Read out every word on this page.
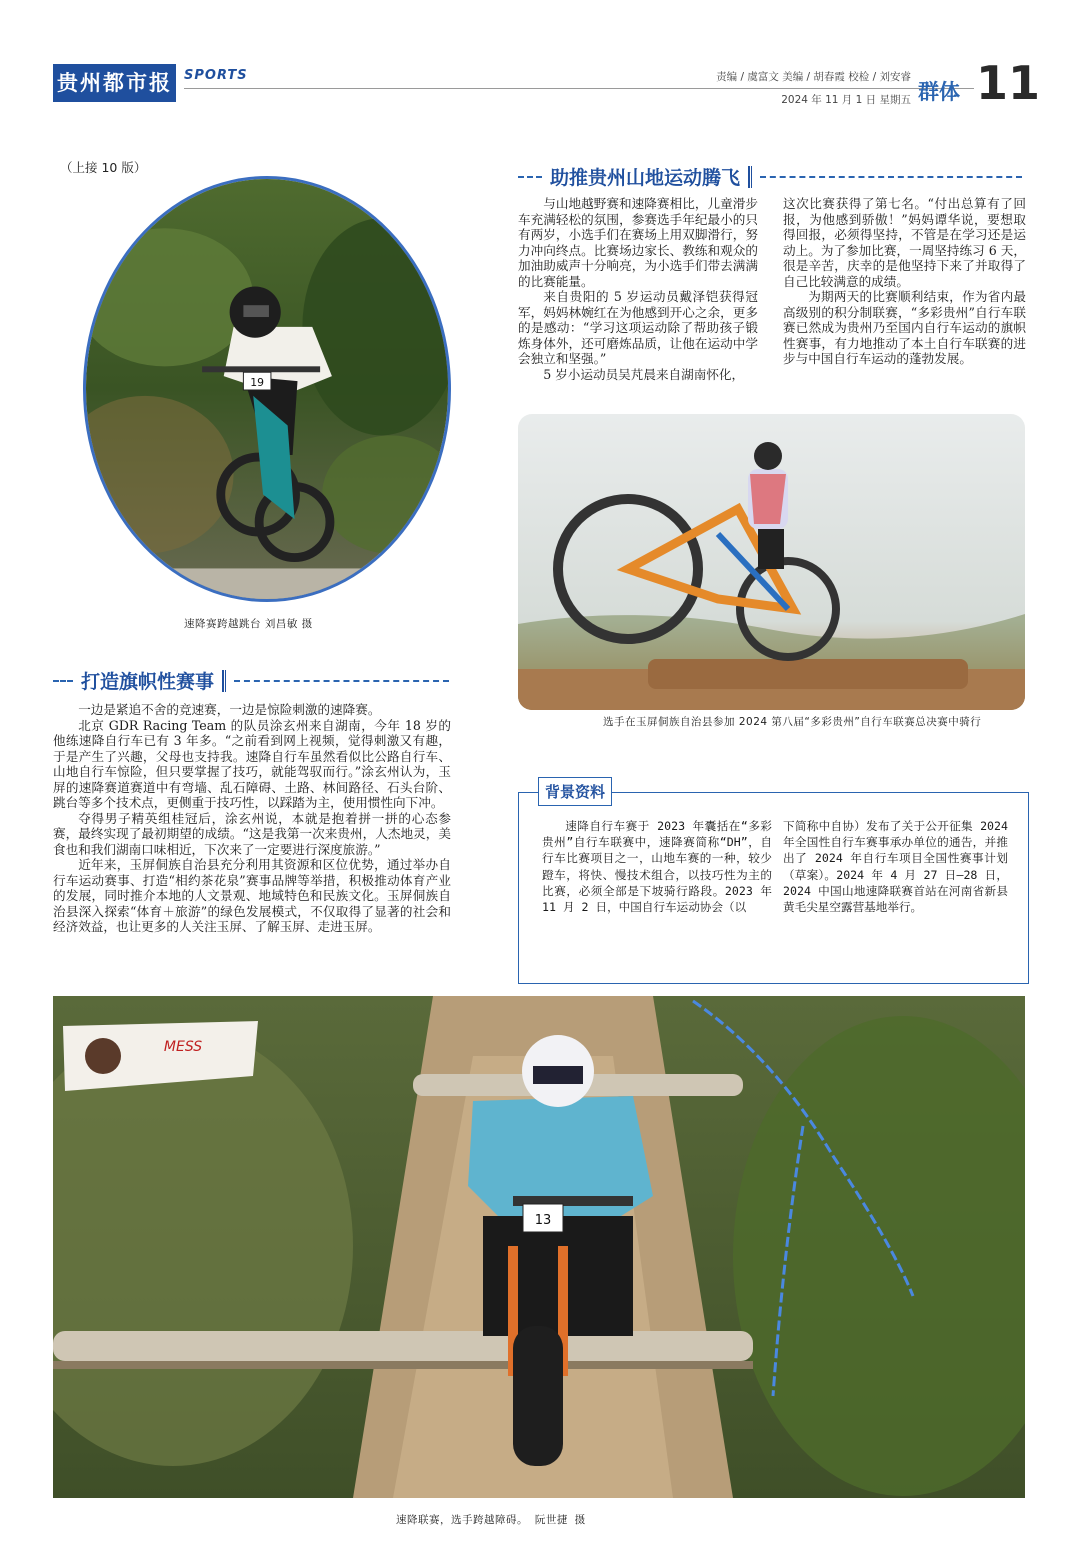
贵州都市报 SPORTS	责编 / 虞富文 美编 / 胡春霞 校检 / 刘安睿
2024 年 11 月 1 日 星期五 群体 11
（上接 10 版）
19
速降赛跨越跳台 刘昌敏 摄
助推贵州山地运动腾飞

与山地越野赛和速降赛相比，儿童滑步车充满轻松的氛围，参赛选手年纪最小的只有两岁，小选手们在赛场上用双脚滑行，努力冲向终点。比赛场边家长、教练和观众的加油助威声十分响亮，为小选手们带去满满的比赛能量。

来自贵阳的 5 岁运动员戴泽铠获得冠军，妈妈林婉红在为他感到开心之余，更多的是感动：“学习这项运动除了帮助孩子锻炼身体外，还可磨炼品质，让他在运动中学会独立和坚强。”

5 岁小运动员吴芃晨来自湖南怀化，

这次比赛获得了第七名。“付出总算有了回报，为他感到骄傲！”妈妈谭华说，要想取得回报，必须得坚持，不管是在学习还是运动上。为了参加比赛，一周坚持练习 6 天，很是辛苦，庆幸的是他坚持下来了并取得了自己比较满意的成绩。

为期两天的比赛顺利结束，作为省内最高级别的积分制联赛，“多彩贵州”自行车联赛已然成为贵州乃至国内自行车运动的旗帜性赛事，有力地推动了本土自行车联赛的进步与中国自行车运动的蓬勃发展。

选手在玉屏侗族自治县参加 2024 第八届“多彩贵州”自行车联赛总决赛中骑行
打造旗帜性赛事

一边是紧追不舍的竞速赛，一边是惊险刺激的速降赛。

北京 GDR Racing Team 的队员涂玄州来自湖南，今年 18 岁的他练速降自行车已有 3 年多。“之前看到网上视频，觉得刺激又有趣，于是产生了兴趣，父母也支持我。速降自行车虽然看似比公路自行车、山地自行车惊险，但只要掌握了技巧，就能驾驭而行。”涂玄州认为，玉屏的速降赛道赛道中有弯墙、乱石障碍、土路、林间路径、石头台阶、跳台等多个技术点，更侧重于技巧性，以踩踏为主，使用惯性向下冲。

夺得男子精英组桂冠后，涂玄州说，本就是抱着拼一拼的心态参赛，最终实现了最初期望的成绩。“这是我第一次来贵州，人杰地灵，美食也和我们湖南口味相近，下次来了一定要进行深度旅游。”

近年来，玉屏侗族自治县充分利用其资源和区位优势，通过举办自行车运动赛事、打造“相约茶花泉”赛事品牌等举措，积极推动体育产业的发展，同时推介本地的人文景观、地域特色和民族文化。玉屏侗族自治县深入探索“体育＋旅游”的绿色发展模式，不仅取得了显著的社会和经济效益，也让更多的人关注玉屏、了解玉屏、走进玉屏。

背景资料

速降自行车赛于 2023 年囊括在“多彩贵州”自行车联赛中，速降赛简称“DH”，自行车比赛项目之一，山地车赛的一种，较少蹬车，将快、慢技术组合，以技巧性为主的比赛，必须全部是下坡骑行路段。2023 年 11 月 2 日，中国自行车运动协会（以

下简称中自协）发布了关于公开征集 2024 年全国性自行车赛事承办单位的通告，并推出了 2024 年自行车项目全国性赛事计划（草案）。2024 年 4 月 27 日—28 日，2024 中国山地速降联赛首站在河南省新县黄毛尖星空露营基地举行。

MESS
13
速降联赛，选手跨越障碍。 阮世捷 摄
